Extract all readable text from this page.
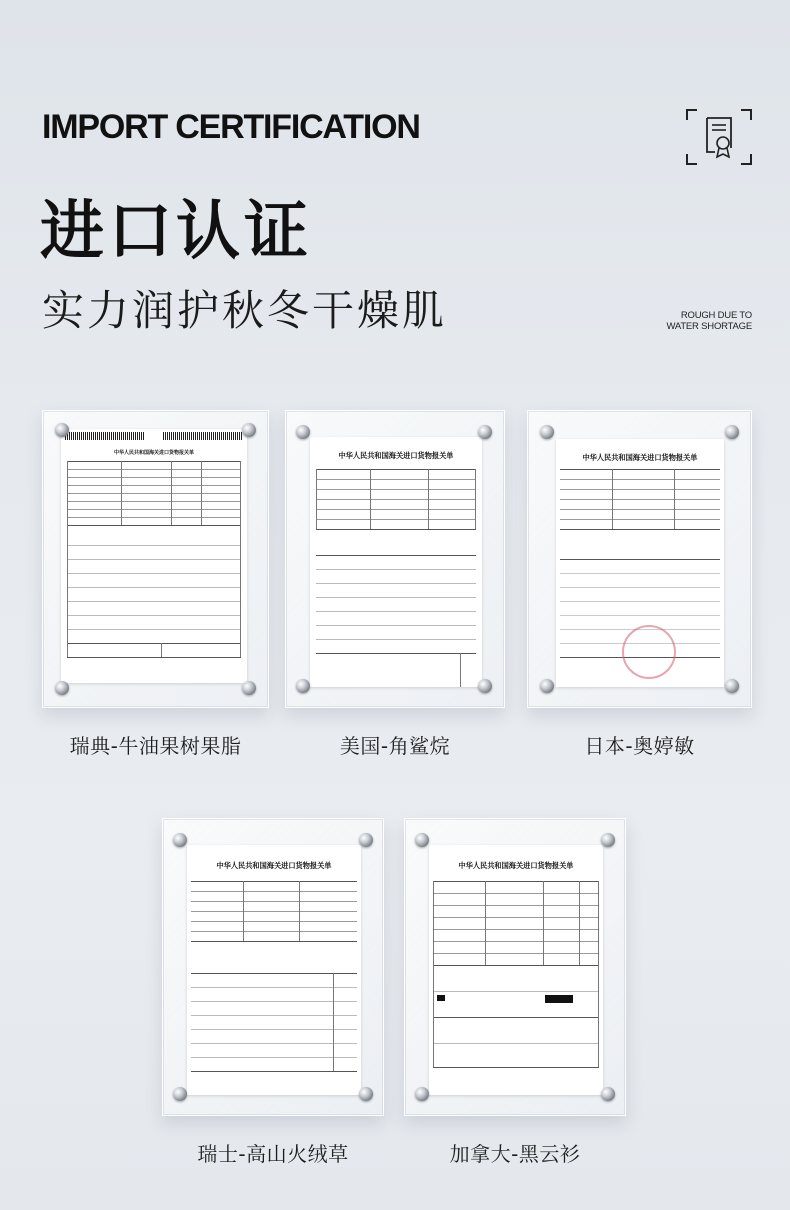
IMPORT CERTIFICATION
进口认证
实力润护秋冬干燥肌	ROUGH DUE TO
WATER SHORTAGE
中华人民共和国海关进口货物报关单
瑞典-牛油果树果脂
中华人民共和国海关进口货物报关单
美国-角鲨烷
中华人民共和国海关进口货物报关单
日本-奥婷敏
中华人民共和国海关进口货物报关单
瑞士-高山火绒草
中华人民共和国海关进口货物报关单
加拿大-黑云衫
